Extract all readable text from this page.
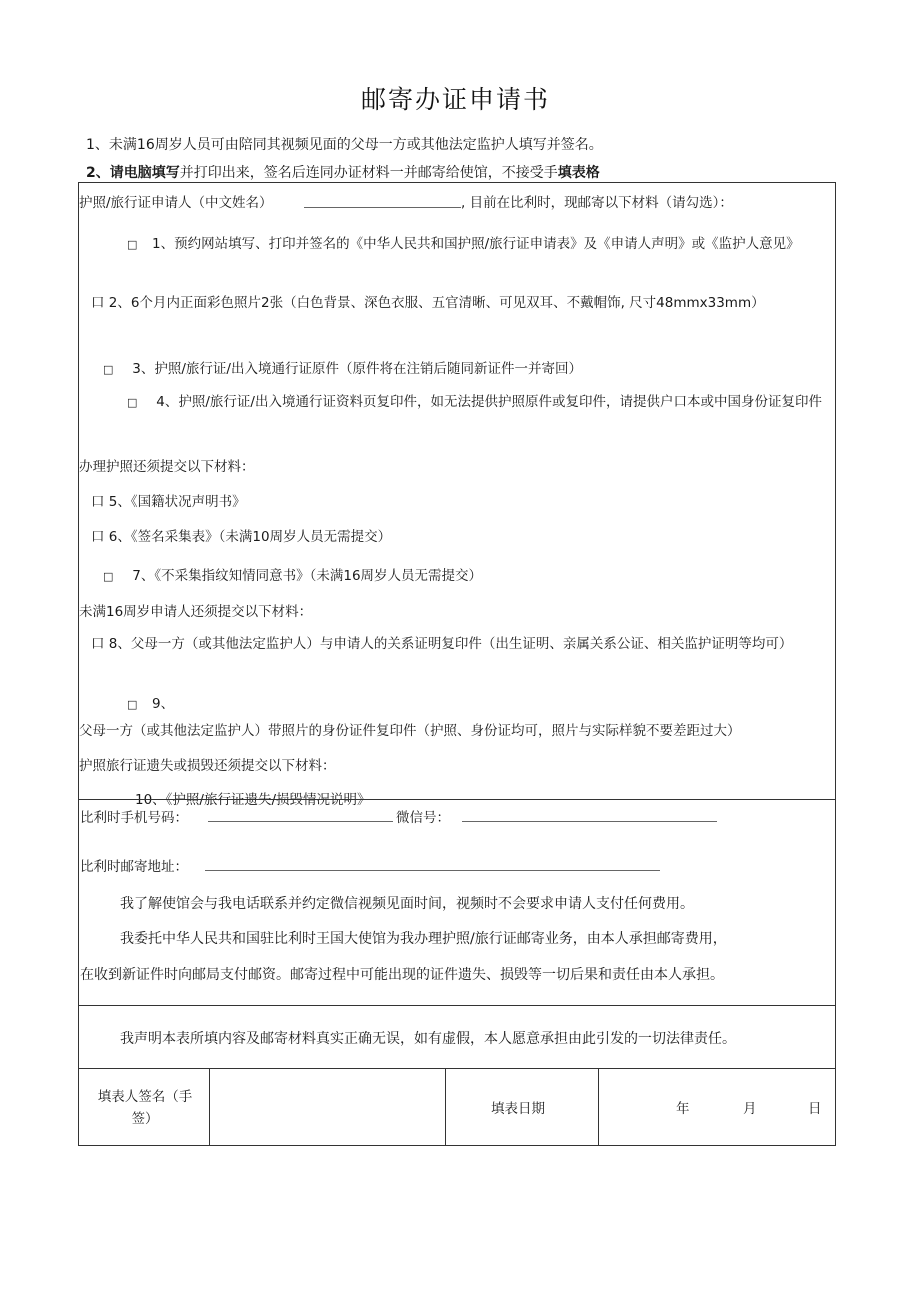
邮寄办证申请书
1、未满16周岁人员可由陪同其视频见面的父母一方或其他法定监护人填写并签名。
2、请电脑填写并打印出来，签名后连同办证材料一并邮寄给使馆，不接受手填表格
护照/旅行证申请人（中文姓名）	, 目前在比利时，现邮寄以下材料（请勾选）：
□ 1、预约网站填写、打印并签名的《中华人民共和国护照/旅行证申请表》及《申请人声明》或《监护人意见》
口 2、6个月内正面彩色照片2张（白色背景、深色衣服、五官清晰、可见双耳、不戴帽饰, 尺寸48mmx33mm）
□ 3、护照/旅行证/出入境通行证原件（原件将在注销后随同新证件一并寄回）
□ 4、护照/旅行证/出入境通行证资料页复印件，如无法提供护照原件或复印件，请提供户口本或中国身份证复印件
办理护照还须提交以下材料：
口 5、《国籍状况声明书》
口 6、《签名采集表》（未满10周岁人员无需提交）
□ 7、《不采集指纹知情同意书》（未满16周岁人员无需提交）
未满16周岁申请人还须提交以下材料：
口 8、父母一方（或其他法定监护人）与申请人的关系证明复印件（出生证明、亲属关系公证、相关监护证明等均可）
□ 9、父母一方（或其他法定监护人）带照片的身份证件复印件（护照、身份证均可，照片与实际样貌不要差距过大）
护照旅行证遗失或损毁还须提交以下材料：
10、《护照/旅行证遗失/损毁情况说明》
比利时手机号码：	微信号：
比利时邮寄地址：
我了解使馆会与我电话联系并约定微信视频见面时间，视频时不会要求申请人支付任何费用。
我委托中华人民共和国驻比利时王国大使馆为我办理护照/旅行证邮寄业务，由本人承担邮寄费用，
在收到新证件时向邮局支付邮资。邮寄过程中可能出现的证件遗失、损毁等一切后果和责任由本人承担。
我声明本表所填内容及邮寄材料真实正确无误，如有虚假，本人愿意承担由此引发的一切法律责任。
填表人签名（手
签）
填表日期	年	月	日
